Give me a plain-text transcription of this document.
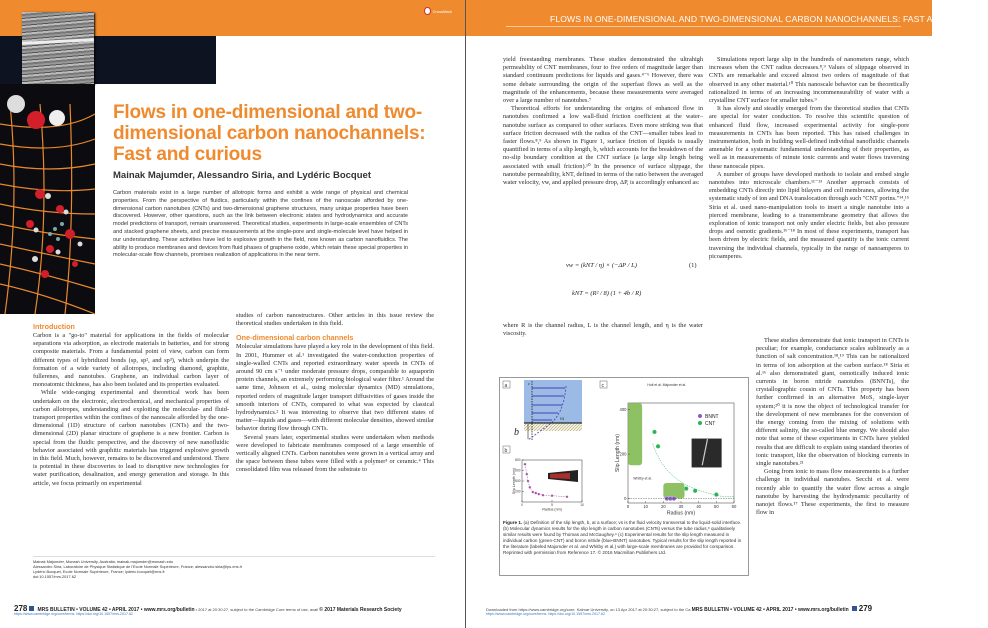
CrossMark
Flows in one-dimensional and two-dimensional carbon nanochannels: Fast and curious
Mainak Majumder, Alessandro Siria, and Lydéric Bocquet
Carbon materials exist in a large number of allotropic forms and exhibit a wide range of physical and chemical properties. From the perspective of fluidics, particularly within the confines of the nanoscale afforded by one-dimensional carbon nanotubes (CNTs) and two-dimensional graphene structures, many unique properties have been discovered. However, other questions, such as the link between electronic states and hydrodynamics and accurate model predictions of transport, remain unanswered. Theoretical studies, experiments in large-scale ensembles of CNTs and stacked graphene sheets, and precise measurements at the single-pore and single-molecule level have helped in our understanding. These activities have led to explosive growth in the field, now known as carbon nanofluidics. The ability to produce membranes and devices from fluid phases of graphene oxide, which retain these special properties in molecular-scale flow channels, promises realization of applications in the near term.
Introduction

Carbon is a "go-to" material for applications in the fields of molecular separations via adsorption, as electrode materials in batteries, and for strong composite materials. From a fundamental point of view, carbon can form different types of hybridized bonds (sp, sp², and sp³), which underpin the formation of a wide variety of allotropes, including diamond, graphite, fullerenes, and nanotubes. Graphene, an individual carbon layer of monoatomic thickness, has also been isolated and its properties evaluated.

While wide-ranging experimental and theoretical work has been undertaken on the electronic, electrochemical, and mechanical properties of carbon allotropes, understanding and exploiting the molecular- and fluid-transport properties within the confines of the nanoscale afforded by the one-dimensional (1D) structure of carbon nanotubes (CNTs) and the two-dimensional (2D) planar structure of graphene is a new frontier. Carbon is special from the fluidic perspective, and the discovery of new nanofluidic behavior associated with graphitic materials has triggered explosive growth in this field. Much, however, remains to be discovered and understood. There is potential in these discoveries to lead to disruptive new technologies for water purification, desalination, and energy generation and storage. In this article, we focus primarily on experimental

studies of carbon nanostructures. Other articles in this issue review the theoretical studies undertaken in this field.

One-dimensional carbon channels

Molecular simulations have played a key role in the development of this field. In 2001, Hummer et al.¹ investigated the water-conduction properties of single-walled CNTs and reported extraordinary water speeds in CNTs of around 90 cm s⁻¹ under moderate pressure drops, comparable to aquaporin protein channels, an extremely performing biological water filter.¹ Around the same time, Johnson et al., using molecular dynamics (MD) simulations, reported orders of magnitude larger transport diffusivities of gases inside the smooth interiors of CNTs, compared to what was expected by classical hydrodynamics.² It was interesting to observe that two different states of matter—liquids and gases—with different molecular densities, showed similar behavior during flow through CNTs.

Several years later, experimental studies were undertaken when methods were developed to fabricate membranes composed of a large ensemble of vertically aligned CNTs. Carbon nanotubes were grown in a vertical array and the space between these tubes were filled with a polymer³ or ceramic.⁴ This consolidated film was released from the substrate to

Mainak Majumder, Monash University, Australia; mainak.majumder@monash.edu
Alessandro Siria, Laboratoire de Physique Statistique de l'Ecole Normale Supérieure, France; alessandro.siria@lps.ens.fr
Lydéric Bocquet, Ecole Normale Supérieure, France; lyderic.bocquet@ens.fr
doi:10.1557/mrs.2017.62
278 MRS BULLETIN • VOLUME 42 • APRIL 2017 • www.mrs.org/bulletin r 2017 at 20:30:27, subject to the Cambridge Core terms of use, avail © 2017 Materials Research Society
https://www.cambridge.org/core/terms. https://doi.org/10.1557/mrs.2017.62
FLOWS IN ONE-DIMENSIONAL AND TWO-DIMENSIONAL CARBON NANOCHANNELS: FAST AND CURIOUS

yield freestanding membranes. These studies demonstrated the ultrahigh permeability of CNT membranes, four to five orders of magnitude larger than standard continuum predictions for liquids and gases.⁴⁻⁶ However, there was some debate surrounding the origin of the superfast flows as well as the magnitude of the enhancements, because these measurements were averaged over a large number of nanotubes.⁷

Theoretical efforts for understanding the origins of enhanced flow in nanotubes confirmed a low wall-fluid friction coefficient at the water–nanotube surface as compared to other surfaces. Even more striking was that surface friction decreased with the radius of the CNT—smaller tubes lead to faster flows.⁸,⁹ As shown in Figure 1, surface friction of liquids is usually quantified in terms of a slip length, b, which accounts for the breakdown of the no-slip boundary condition at the CNT surface (a large slip length being associated with small friction).¹⁰ In the presence of surface slippage, the nanotube permeability, kNT, defined in terms of the ratio between the averaged water velocity, vw, and applied pressure drop, ΔP, is accordingly enhanced as:

vw = (kNT / η) × (−ΔP / L)	(1)
kNT = (R² / 8) (1 + 4b / R)

where R is the channel radius, L is the channel length, and η is the water viscosity.

a	z
vs
b
b
0	5	10
200
400
600
800
Radius (nm)
Slip Length (nm)
c
0	10	20	30	40	50	60
0
200
400
Radius (nm)
Slip Length (nm)
BNNT
CNT
Holt et al. Majumder et al.
Whitby et al.
Figure 1. (a) Definition of the slip length, b, at a surface; vs is the fluid velocity transversal to the liquid-solid interface. (b) Molecular dynamics results for the slip length in carbon nanotubes (CNTs) versus the tube radius,⁸ qualitatively similar results were found by Thomas and McGaughey.⁹ (c) Experimental results for the slip length measured in individual carbon (green-CNT) and boron nitride (blue-BNNT) nanotubes. Typical results for the slip length reported in the literature (labeled Majumder et al. and Whitby et al.) with large-scale membranes are provided for comparison. Reprinted with permission from Reference 17. © 2016 Macmillan Publishers Ltd.

Simulations report large slip in the hundreds of nanometers range, which increases when the CNT radius decreases.⁸,⁹ Values of slippage observed in CNTs are remarkable and exceed almost two orders of magnitude of that observed in any other material.¹⁰ This nanoscale behavior can be theoretically rationalized in terms of an increasing incommensurability of water with a crystalline CNT surface for smaller tubes.⁹

It has slowly and steadily emerged from the theoretical studies that CNTs are special for water conduction. To resolve this scientific question of enhanced fluid flow, increased experimental activity for single-pore measurements in CNTs has been reported. This has raised challenges in instrumentation, both in building well-defined individual nanofluidic channels amenable for a systematic fundamental understanding of their properties, as well as in measurements of minute ionic currents and water flows traversing these nanoscale pipes.

A number of groups have developed methods to isolate and embed single nanotubes into microscale chambers.¹¹⁻¹³ Another approach consists of embedding CNTs directly into lipid bilayers and cell membranes, allowing the systematic study of ion and DNA translocation through such "CNT porins."¹⁴,¹⁵ Siria et al. used nano-manipulation tools to insert a single nanotube into a pierced membrane, leading to a transmembrane geometry that allows the exploration of ionic transport not only under electric fields, but also pressure drops and osmotic gradients.¹⁶⁻¹⁸ In most of these experiments, transport has been driven by electric fields, and the measured quantity is the ionic current traversing the individual channels, typically in the range of nanoamperes to picoamperes.

These studies demonstrate that ionic transport in CNTs is peculiar; for example, conductance scales sublinearly as a function of salt concentration.¹⁸,¹⁹ This can be rationalized in terms of ion adsorption at the carbon surface.¹⁸ Siria et al.¹⁶ also demonstrated giant, osmotically induced ionic currents in boron nitride nanotubes (BNNTs), the crystallographic cousin of CNTs. This property has been further confirmed in an alternative MoS₂ single-layer system;²⁰ it is now the object of technological transfer for the development of new membranes for the conversion of the energy coming from the mixing of solutions with different salinity, the so-called blue energy. We should also note that some of these experiments in CNTs have yielded results that are difficult to explain using standard theories of ionic transport, like the observation of blocking currents in single nanotubes.²¹

Going from ionic to mass flow measurements is a further challenge in individual nanotubes. Secchi et al. were recently able to quantify the water flow across a single nanotube by harvesting the hydrodynamic peculiarity of nanojet flows.¹⁷ These experiments, the first to measure flow in

Downloaded from https://www.cambridge.org/core. Kalmar University, on 13 Apr 2017 at 20:30:27, subject to the Ca MRS BULLETIN • VOLUME 42 • APRIL 2017 • www.mrs.org/bulletin 279
https://www.cambridge.org/core/terms. https://doi.org/10.1557/mrs.2017.62
